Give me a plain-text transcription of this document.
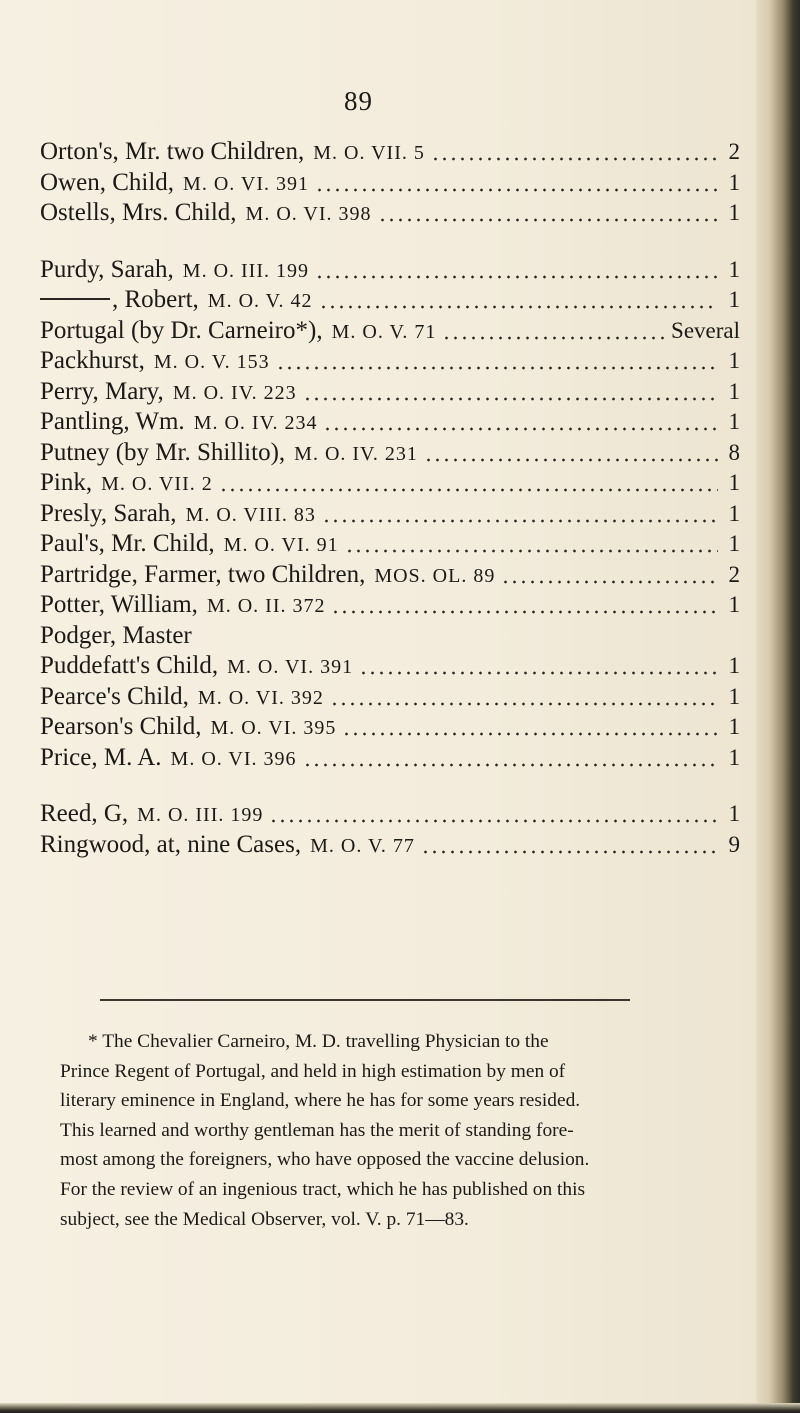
89
Orton's, Mr. two Children, M. O. VII. 5	2
Owen, Child, M. O. VI. 391	1
Ostells, Mrs. Child, M. O. VI. 398	1
Purdy, Sarah, M. O. III. 199	1
, Robert, M. O. V. 42	1
Portugal (by Dr. Carneiro*), M. O. V. 71	Several
Packhurst, M. O. V. 153	1
Perry, Mary, M. O. IV. 223	1
Pantling, Wm. M. O. IV. 234	1
Putney (by Mr. Shillito), M. O. IV. 231	8
Pink, M. O. VII. 2	1
Presly, Sarah, M. O. VIII. 83	1
Paul's, Mr. Child, M. O. VI. 91	1
Partridge, Farmer, two Children, MOS. OL. 89	2
Potter, William, M. O. II. 372	1
Podger, Master
Puddefatt's Child, M. O. VI. 391	1
Pearce's Child, M. O. VI. 392	1
Pearson's Child, M. O. VI. 395	1
Price, M. A. M. O. VI. 396	1
Reed, G, M. O. III. 199	1
Ringwood, at, nine Cases, M. O. V. 77	9

* The Chevalier Carneiro, M. D. travelling Physician to the
Prince Regent of Portugal, and held in high estimation by men of
literary eminence in England, where he has for some years resided.
This learned and worthy gentleman has the merit of standing fore-
most among the foreigners, who have opposed the vaccine delusion.
For the review of an ingenious tract, which he has published on this
subject, see the Medical Observer, vol. V. p. 71—83.
